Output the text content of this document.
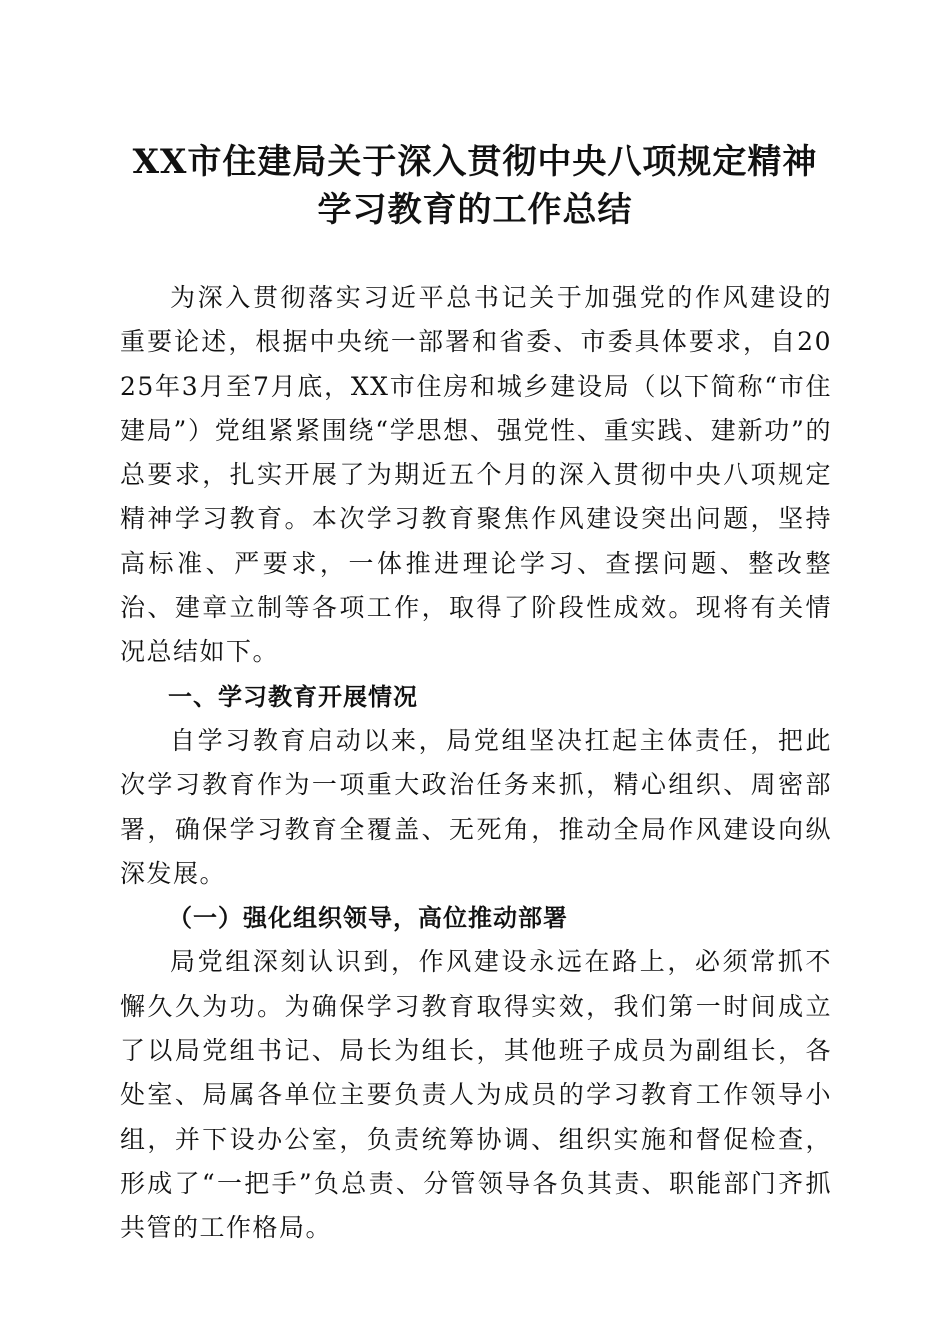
XX市住建局关于深入贯彻中央八项规定精神
学习教育的工作总结

为深入贯彻落实习近平总书记关于加强党的作风建设的重要论述，根据中央统一部署和省委、市委具体要求，自2025年3月至7月底，XX市住房和城乡建设局（以下简称“市住建局”）党组紧紧围绕“学思想、强党性、重实践、建新功”的总要求，扎实开展了为期近五个月的深入贯彻中央八项规定精神学习教育。本次学习教育聚焦作风建设突出问题，坚持高标准、严要求，一体推进理论学习、查摆问题、整改整治、建章立制等各项工作，取得了阶段性成效。现将有关情况总结如下。

一、学习教育开展情况

自学习教育启动以来，局党组坚决扛起主体责任，把此次学习教育作为一项重大政治任务来抓，精心组织、周密部署，确保学习教育全覆盖、无死角，推动全局作风建设向纵深发展。

（一）强化组织领导，高位推动部署

局党组深刻认识到，作风建设永远在路上，必须常抓不懈久久为功。为确保学习教育取得实效，我们第一时间成立了以局党组书记、局长为组长，其他班子成员为副组长，各处室、局属各单位主要负责人为成员的学习教育工作领导小组，并下设办公室，负责统筹协调、组织实施和督促检查，形成了“一把手”负总责、分管领导各负其责、职能部门齐抓共管的工作格局。
